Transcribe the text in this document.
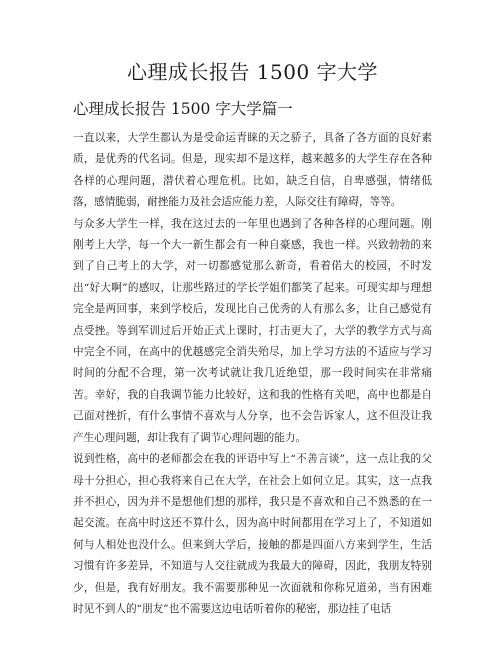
心理成长报告 1500 字大学
心理成长报告 1500 字大学篇一

一直以来，大学生都认为是受命运青睐的天之骄子，具备了各方面的良好素质，是优秀的代名词。但是，现实却不是这样，越来越多的大学生存在各种各样的心理问题，潜伏着心理危机。比如，缺乏自信，自卑感强，情绪低落，感情脆弱，耐挫能力及社会适应能力差，人际交往有障碍，等等。

与众多大学生一样，我在这过去的一年里也遇到了各种各样的心理问题。刚刚考上大学，每一个大一新生都会有一种自豪感，我也一样。兴致勃勃的来到了自己考上的大学，对一切都感觉那么新奇，看着偌大的校园，不时发出“好大啊”的感叹，让那些路过的学长学姐们都笑了起来。可现实却与理想完全是两回事，来到学校后，发现比自己优秀的人有那么多，让自己感觉有点受挫。等到军训过后开始正式上课时，打击更大了，大学的教学方式与高中完全不同，在高中的优越感完全消失殆尽，加上学习方法的不适应与学习时间的分配不合理，第一次考试就让我几近绝望，那一段时间实在非常痛苦。幸好，我的自我调节能力比较好，这和我的性格有关吧，高中也都是自己面对挫折，有什么事情不喜欢与人分享，也不会告诉家人，这不但没让我产生心理问题，却让我有了调节心理问题的能力。

说到性格，高中的老师都会在我的评语中写上“不善言谈”，这一点让我的父母十分担心，担心我将来自己在大学，在社会上如何立足。其实，这一点我并不担心，因为并不是想他们想的那样，我只是不喜欢和自己不熟悉的在一起交流。在高中时这还不算什么，因为高中时间都用在学习上了，不知道如何与人相处也没什么。但来到大学后，接触的都是四面八方来到学生，生活习惯有许多差异，不知道与人交往就成为我最大的障碍，因此，我朋友特别少，但是，我有好朋友。我不需要那种见一次面就和你称兄道弟，当有困难时见不到人的“朋友”也不需要这边电话听着你的秘密，那边挂了电话
